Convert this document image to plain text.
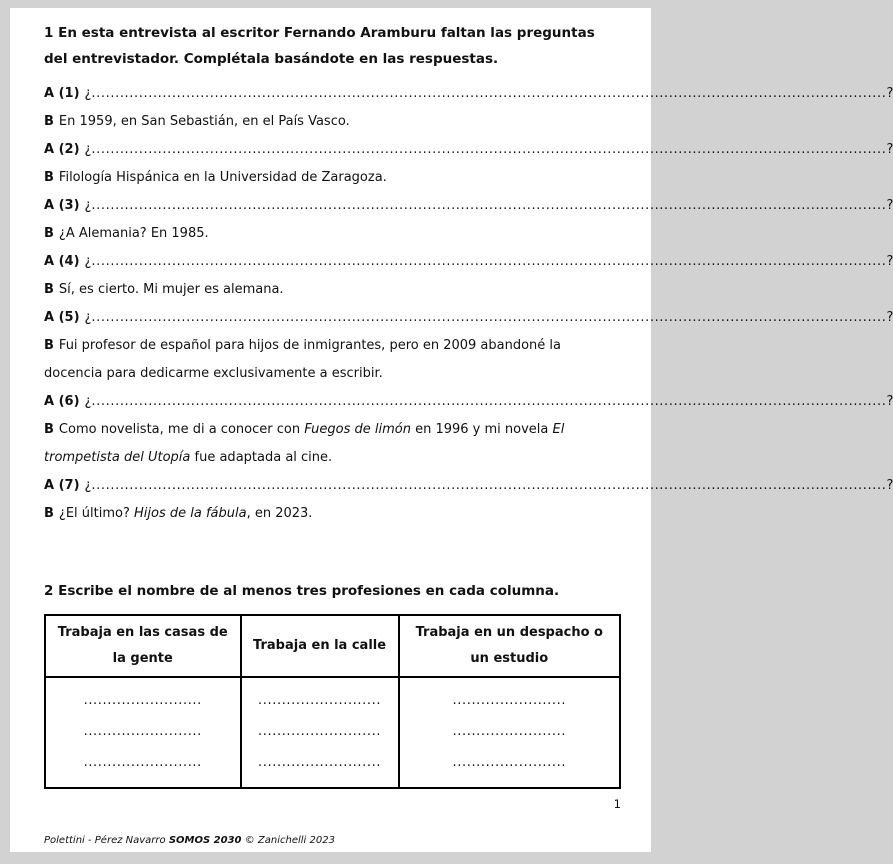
1 En esta entrevista al escritor Fernando Aramburu faltan las preguntas del entrevistador. Complétala basándote en las respuestas.

A (1) ¿ ........................................................................................................................................................................ ?
B En 1959, en San Sebastián, en el País Vasco.
A (2) ¿ ........................................................................................................................................................................ ?
B Filología Hispánica en la Universidad de Zaragoza.
A (3) ¿ ........................................................................................................................................................................ ?
B ¿A Alemania? En 1985.
A (4) ¿ ........................................................................................................................................................................ ?
B Sí, es cierto. Mi mujer es alemana.
A (5) ¿ ........................................................................................................................................................................ ?
B Fui profesor de español para hijos de inmigrantes, pero en 2009 abandoné la docencia para dedicarme exclusivamente a escribir.
A (6) ¿ ........................................................................................................................................................................ ?
B Como novelista, me di a conocer con Fuegos de limón en 1996 y mi novela El trompetista del Utopía fue adaptada al cine.
A (7) ¿ ........................................................................................................................................................................ ?
B ¿El último? Hijos de la fábula, en 2023.

2 Escribe el nombre de al menos tres profesiones en cada columna.

Trabaja en las casas de la gente	Trabaja en la calle	Trabaja en un despacho o un estudio
.........................	..........................	........................
.........................	..........................	........................
.........................	..........................	........................
1
Polettini - Pérez Navarro SOMOS 2030 © Zanichelli 2023
